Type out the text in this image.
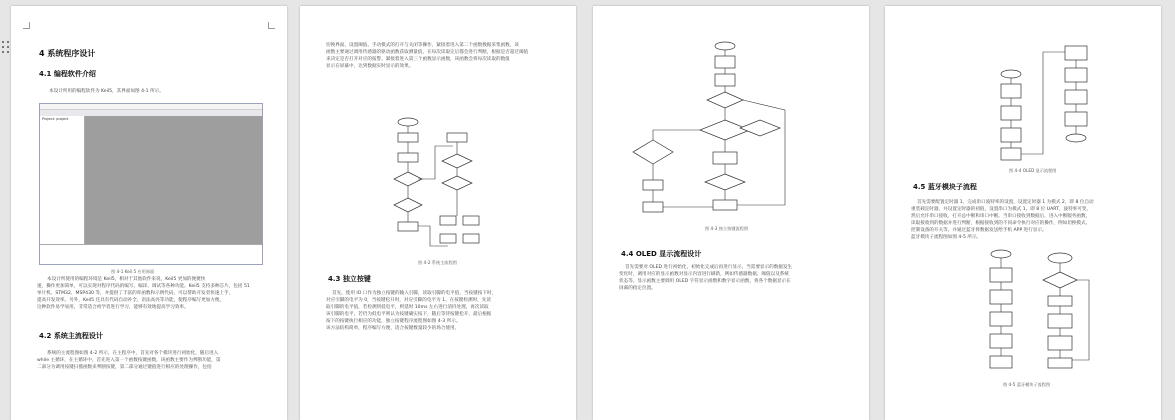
4 系统程序设计
4.1 编程软件介绍
本设计所用的编程软件为 Keil5，其界面如图 4-1 所示。
Project: project
图 4-1 Keil 5 应用界面
本设计所使用的编程环境是 Keil5，相对于其他软件来说，Keil5 更加的便捷快
速，操作更加简单，可以实现对程序代码的编写、编译、调试等各种功能。Keil5 支持多种芯片，包括 51
单片机、STM32、MSP430 等，并提供了丰富的库函数和示例代码，可以帮助开发者快速上手，
提高开发效率。另外，Keil5 还具有代码自动补全、语法高亮等功能，使程序编写更加方便。
这种软件易学易用，非常适合初学者进行学习，能够有效地提高学习效率。
4.2 系统主流程设计
系统的主流程图如图 4-2 所示，在主程序中，首先对各个模块进行初始化，随后进入
while 主循环，在主循环中，首先进入第一个函数按键函数，该函数主要作为判断功能，第
二部分为调用按键扫描函数来判断按键，第二部分通过键值进行相应的处理操作，包括
切换界面、设置阈值、手动模式的打开与关闭等操作，紧接着进入第二个函数数据采集函数，该
函数主要通过调用传感器的驱动函数获取测量值，在每次读取完后都会进行判断，根据是否超过阈值
来决定是否打开对应的报警。紧接着进入第三个函数显示函数，该函数会将每次读取的数值
显示在屏幕中，达到数据实时显示的效果。
图 4-2 系统主流程图
4.3 独立按键
首先，使用 IO 口作为独立按键的输入引脚，读取引脚的电平值，当按键按下时，
对应引脚的电平为 0，当按键松开时，对应引脚的电平为 1。在按键检测时，先读
取引脚的电平值，若检测到低电平，则延时 10ms 左右进行消抖处理，再次读取
该引脚的电平，若仍为低电平则认为按键确实按下，随后等待按键松开，最后根据
按下的按键执行相应的功能，独立按键程序流程图如图 4-3 所示。
该方法结构简单，程序编写方便，适合按键数量较少的场合使用。
图 4-3 独立按键流程图
4.4 OLED 显示流程设计
首先需要对 OLED 进行初始化，初始化完成后再进行显示，当需要显示的数据发生
变化时，调用对应的显示函数对显示内容进行刷新，例如传感器数据、阈值以及系统
状态等。显示函数主要调用 OLED 字符显示函数和数字显示函数，将各个数据显示在
屏幕的指定位置。
图 4-4 OLED 显示流程图
4.5 蓝牙模块子流程
首先需要配置定时器 1，完成串口波特率的设置，设置定时器 1 为模式 2，即 8 位自动
重装载定时器，并设置定时器的初值，设置串口为模式 1，即 8 位 UART，波特率可变，
然后允许串口接收，打开总中断和串口中断。当串口接收到数据后，进入中断服务函数，
读取接收到的数据并进行判断，根据接收到的不同命令执行对应的操作，例如切换模式、
控制设备的开关等，并通过蓝牙将数据发送给手机 APP 进行显示。
蓝牙模块子流程图如图 4-5 所示。
图 4-5 蓝牙模块子流程图
